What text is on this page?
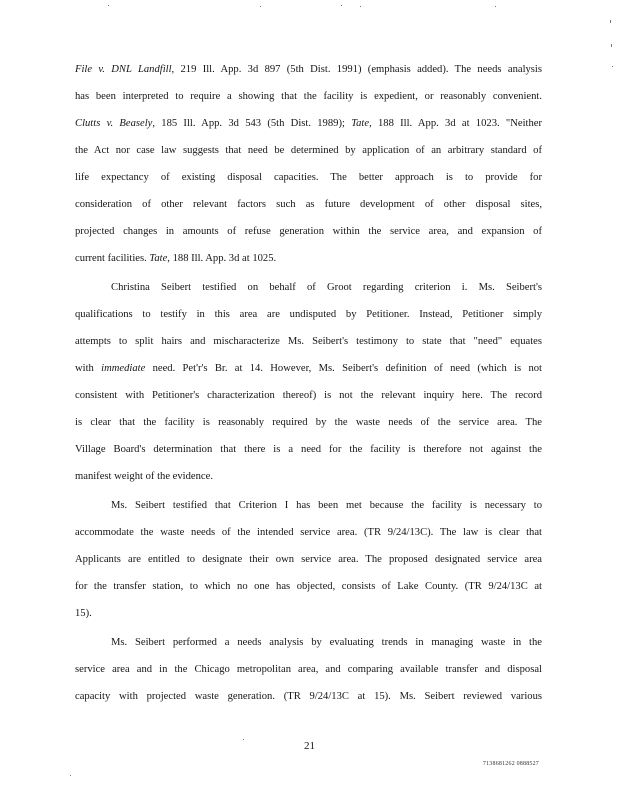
File v. DNL Landfill, 219 Ill. App. 3d 897 (5th Dist. 1991) (emphasis added). The needs analysis
has been interpreted to require a showing that the facility is expedient, or reasonably convenient.
Clutts v. Beasely, 185 Ill. App. 3d 543 (5th Dist. 1989); Tate, 188 Ill. App. 3d at 1023. "Neither
the Act nor case law suggests that need be determined by application of an arbitrary standard of
life expectancy of existing disposal capacities. The better approach is to provide for
consideration of other relevant factors such as future development of other disposal sites,
projected changes in amounts of refuse generation within the service area, and expansion of
current facilities. Tate, 188 Ill. App. 3d at 1025.
Christina Seibert testified on behalf of Groot regarding criterion i. Ms. Seibert's
qualifications to testify in this area are undisputed by Petitioner. Instead, Petitioner simply
attempts to split hairs and mischaracterize Ms. Seibert's testimony to state that "need" equates
with immediate need. Pet'r's Br. at 14. However, Ms. Seibert's definition of need (which is not
consistent with Petitioner's characterization thereof) is not the relevant inquiry here. The record
is clear that the facility is reasonably required by the waste needs of the service area. The
Village Board's determination that there is a need for the facility is therefore not against the
manifest weight of the evidence.
Ms. Seibert testified that Criterion I has been met because the facility is necessary to
accommodate the waste needs of the intended service area. (TR 9/24/13C). The law is clear that
Applicants are entitled to designate their own service area. The proposed designated service area
for the transfer station, to which no one has objected, consists of Lake County. (TR 9/24/13C at
15).
Ms. Seibert performed a needs analysis by evaluating trends in managing waste in the
service area and in the Chicago metropolitan area, and comparing available transfer and disposal
capacity with projected waste generation. (TR 9/24/13C at 15). Ms. Seibert reviewed various
21
7138681262 0888527
